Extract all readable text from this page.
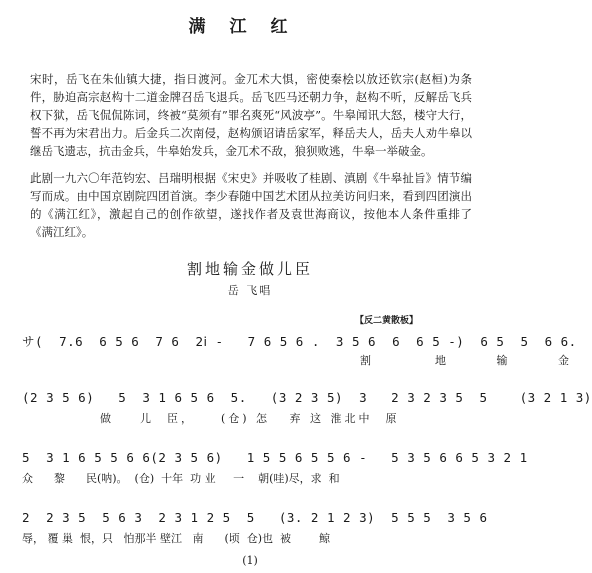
满江红
宋时，岳飞在朱仙镇大捷，指日渡河。金兀术大惧，密使秦桧以放还钦宗(赵桓)为条件，胁迫高宗赵构十二道金牌召岳飞退兵。岳飞匹马还朝力争，赵构不听，反解岳飞兵权下狱，岳飞侃侃陈词，终被“莫须有”罪名爽死“风波亭”。牛皋闻讯大怒，楼守大行，誓不再为宋君出力。后金兵二次南侵，赵构颁诏请岳家军，释岳夫人，岳夫人劝牛皋以继岳飞遗志，抗击金兵，牛皋始发兵，金兀术不敌，狼狈败逃，牛皋一举破金。
此剧一九六〇年范钧宏、吕瑞明根据《宋史》并吸收了桂剧、滇剧《牛皋扯旨》情节编写而成。由中国京剧院四团首演。李少春随中国艺术团从拉美访问归来，看到四团演出的《满江红》，激起自己的创作欲望，遂找作者及袁世海商议，按他本人条件重排了《满江红》。
割地输金做儿臣
岳 飞唱
【反二黄散板】
サ(  7.6  6 5 6  7 6  2ⅰ -   7 6 5 6 .  3 5 6  6  6 5 -)  6 5  5  6 6.
割    地   输   金
(2 3 5 6)   5  3 1 6 5 6  5.   (3 2 3 5)  3   2 3 2 3 5  5    (3 2 1 3)
做    儿  臣，    (仓) 怎   弃 这 淮北中  原
5  3 1 6 5 5 6 6(2 3 5 6)   1 5 5 6 5 5 6 -   5 3 5 6 6 5 3 2 1
众      黎      民(呐)。  (仓)  十年  功 业     一    朝(哇)尽，求  和
2  2 3 5  5 6 3  2 3 1 2 5  5   (3. 2 1 2 3)  5 5 5  3 5 6
辱， 覆 巢  恨，只   怕那半 壁江   南      (顷  仓)也  被        鲸
(1)
